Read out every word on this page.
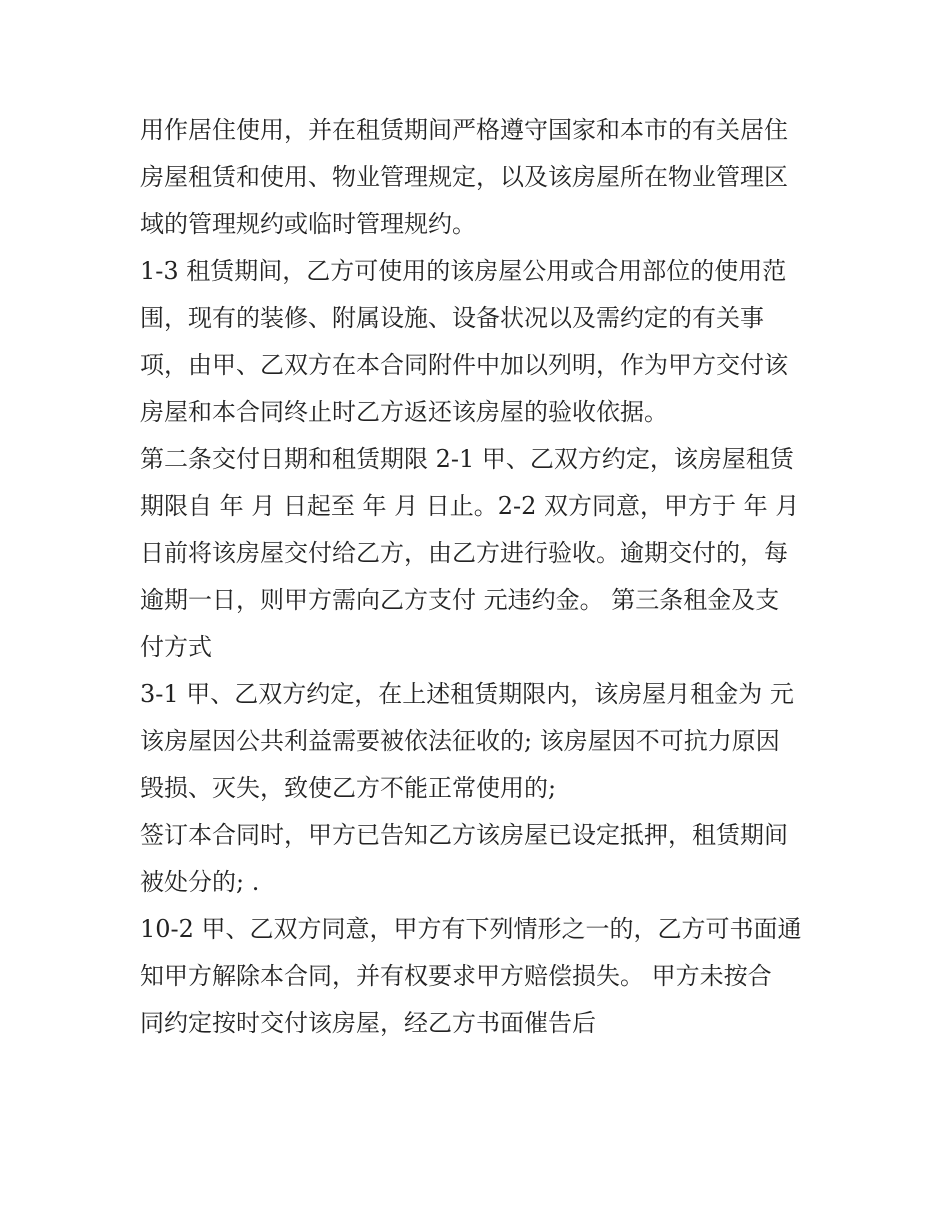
用作居住使用，并在租赁期间严格遵守国家和本市的有关居住
房屋租赁和使用、物业管理规定，以及该房屋所在物业管理区
域的管理规约或临时管理规约。

1-3 租赁期间，乙方可使用的该房屋公用或合用部位的使用范
围，现有的装修、附属设施、设备状况以及需约定的有关事
项，由甲、乙双方在本合同附件中加以列明，作为甲方交付该
房屋和本合同终止时乙方返还该房屋的验收依据。

第二条交付日期和租赁期限 2-1 甲、乙双方约定，该房屋租赁
期限自 年 月 日起至 年 月 日止。2-2 双方同意，甲方于 年 月
日前将该房屋交付给乙方，由乙方进行验收。逾期交付的，每
逾期一日，则甲方需向乙方支付 元违约金。 第三条租金及支
付方式

3-1 甲、乙双方约定，在上述租赁期限内，该房屋月租金为 元
该房屋因公共利益需要被依法征收的; 该房屋因不可抗力原因
毁损、灭失，致使乙方不能正常使用的;

签订本合同时，甲方已告知乙方该房屋已设定抵押，租赁期间
被处分的; .

10-2 甲、乙双方同意，甲方有下列情形之一的，乙方可书面通
知甲方解除本合同，并有权要求甲方赔偿损失。 甲方未按合
同约定按时交付该房屋，经乙方书面催告后
